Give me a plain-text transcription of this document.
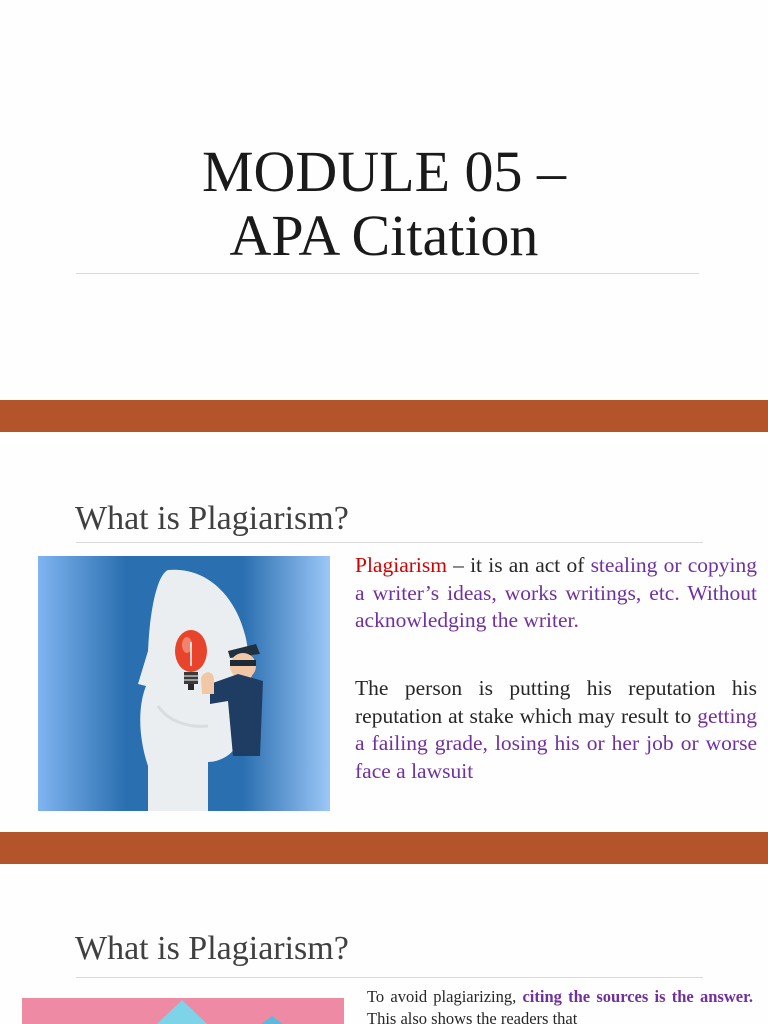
MODULE 05 –
APA Citation
What is Plagiarism?

Plagiarism – it is an act of stealing or copying a writer’s ideas, works writings, etc. Without acknowledging the writer.

The person is putting his reputation his reputation at stake which may result to getting a failing grade, losing his or her job or worse face a lawsuit

What is Plagiarism?

To avoid plagiarizing, citing the sources is the answer. This also shows the readers that
